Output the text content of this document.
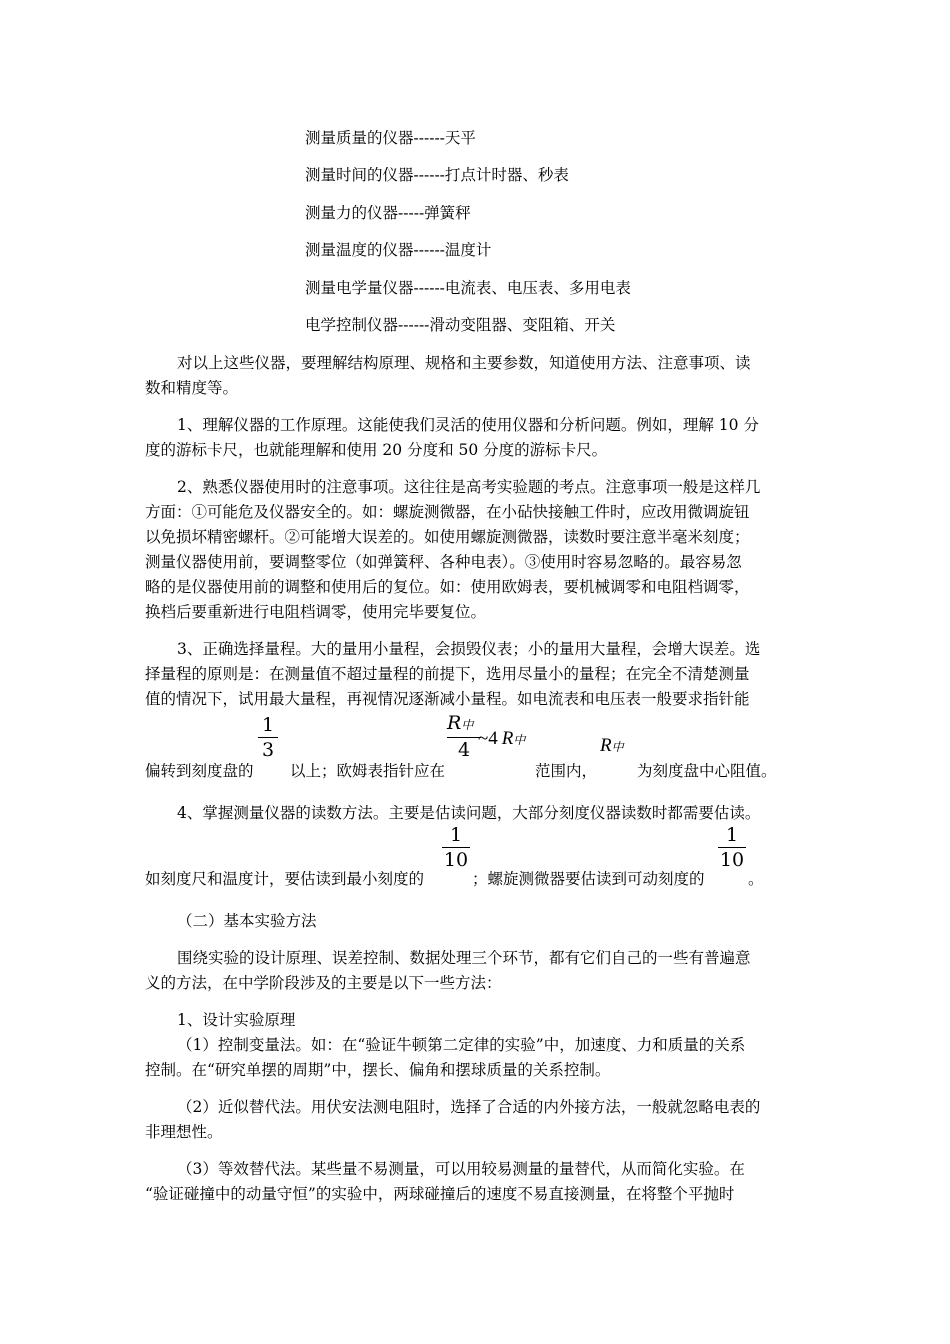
测量质量的仪器------天平
测量时间的仪器------打点计时器、秒表
测量力的仪器-----弹簧秤
测量温度的仪器------温度计
测量电学量仪器------电流表、电压表、多用电表
电学控制仪器------滑动变阻器、变阻箱、开关
对以上这些仪器，要理解结构原理、规格和主要参数，知道使用方法、注意事项、读
数和精度等。
1、理解仪器的工作原理。这能使我们灵活的使用仪器和分析问题。例如，理解 10 分
度的游标卡尺，也就能理解和使用 20 分度和 50 分度的游标卡尺。
2、熟悉仪器使用时的注意事项。这往往是高考实验题的考点。注意事项一般是这样几
方面：①可能危及仪器安全的。如：螺旋测微器，在小砧快接触工件时，应改用微调旋钮
以免损坏精密螺杆。②可能增大误差的。如使用螺旋测微器，读数时要注意半毫米刻度；
测量仪器使用前，要调整零位（如弹簧秤、各种电表）。③使用时容易忽略的。最容易忽
略的是仪器使用前的调整和使用后的复位。如：使用欧姆表，要机械调零和电阻档调零，
换档后要重新进行电阻档调零，使用完毕要复位。
3、正确选择量程。大的量用小量程，会损毁仪表；小的量用大量程，会增大误差。选
择量程的原则是：在测量值不超过量程的前提下，选用尽量小的量程；在完全不清楚测量
值的情况下，试用最大量程，再视情况逐渐减小量程。如电流表和电压表一般要求指针能
偏转到刻度盘的
1
3
以上；欧姆表指针应在
R中
4
~4 R中
范围内，
R中
为刻度盘中心阻值。
4、掌握测量仪器的读数方法。主要是估读问题，大部分刻度仪器读数时都需要估读。
如刻度尺和温度计，要估读到最小刻度的
1
10
；螺旋测微器要估读到可动刻度的
1
10
。
（二）基本实验方法
围绕实验的设计原理、误差控制、数据处理三个环节，都有它们自己的一些有普遍意
义的方法，在中学阶段涉及的主要是以下一些方法：
1、设计实验原理
（1）控制变量法。如：在“验证牛顿第二定律的实验”中，加速度、力和质量的关系
控制。在“研究单摆的周期”中，摆长、偏角和摆球质量的关系控制。
（2）近似替代法。用伏安法测电阻时，选择了合适的内外接方法，一般就忽略电表的
非理想性。
（3）等效替代法。某些量不易测量，可以用较易测量的量替代，从而简化实验。在
“验证碰撞中的动量守恒”的实验中，两球碰撞后的速度不易直接测量，在将整个平抛时
